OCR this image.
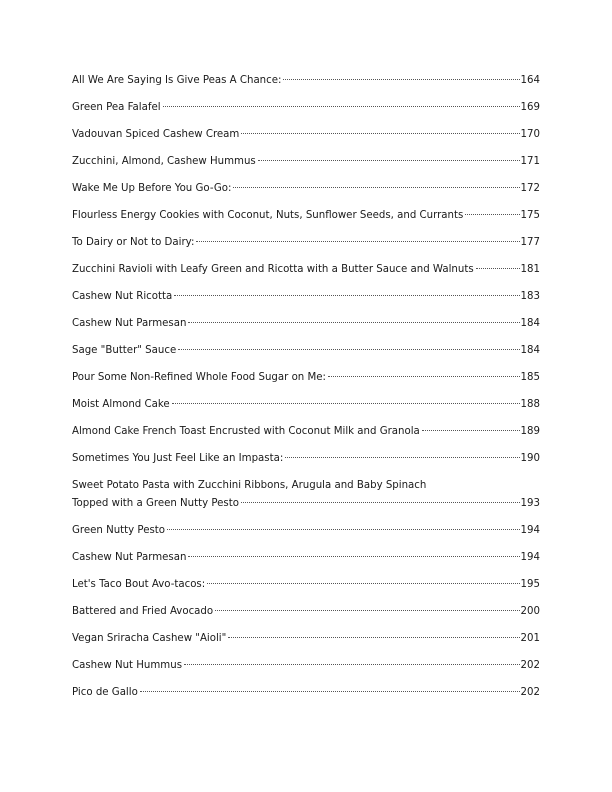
All We Are Saying Is Give Peas A Chance:	164
Green Pea Falafel	169
Vadouvan Spiced Cashew Cream	170
Zucchini, Almond, Cashew Hummus	171
Wake Me Up Before You Go-Go:	172
Flourless Energy Cookies with Coconut, Nuts, Sunflower Seeds, and Currants	175
To Dairy or Not to Dairy:	177
Zucchini Ravioli with Leafy Green and Ricotta with a Butter Sauce and Walnuts	181
Cashew Nut Ricotta	183
Cashew Nut Parmesan	184
Sage "Butter" Sauce	184
Pour Some Non-Refined Whole Food Sugar on Me:	185
Moist Almond Cake	188
Almond Cake French Toast Encrusted with Coconut Milk and Granola	189
Sometimes You Just Feel Like an Impasta:	190
Sweet Potato Pasta with Zucchini Ribbons, Arugula and Baby Spinach
Topped with a Green Nutty Pesto	193
Green Nutty Pesto	194
Cashew Nut Parmesan	194
Let's Taco Bout Avo-tacos:	195
Battered and Fried Avocado	200
Vegan Sriracha Cashew "Aioli"	201
Cashew Nut Hummus	202
Pico de Gallo	202
